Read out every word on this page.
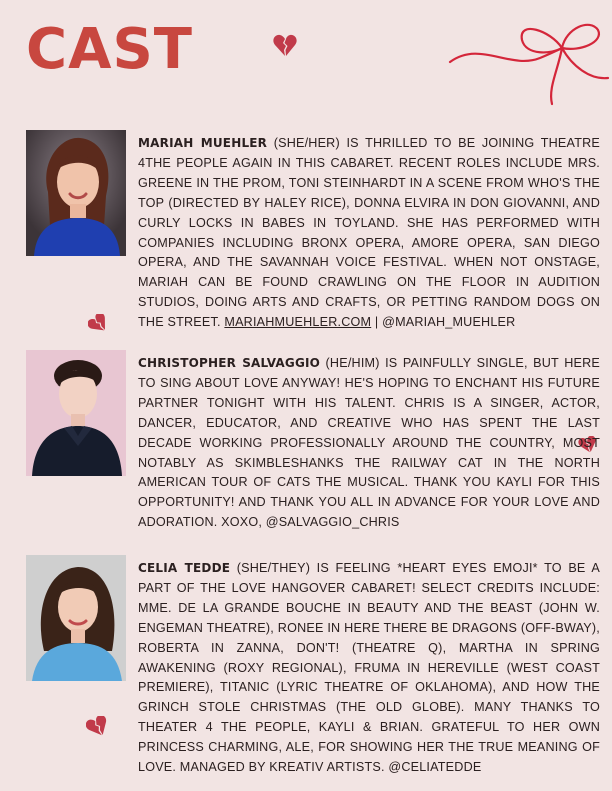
CAST

MARIAH MUEHLER (SHE/HER) IS THRILLED TO BE JOINING THEATRE 4THE PEOPLE AGAIN IN THIS CABARET. RECENT ROLES INCLUDE MRS. GREENE IN THE PROM, TONI STEINHARDT IN A SCENE FROM WHO'S THE TOP (DIRECTED BY HALEY RICE), DONNA ELVIRA IN DON GIOVANNI, AND CURLY LOCKS IN BABES IN TOYLAND. SHE HAS PERFORMED WITH COMPANIES INCLUDING BRONX OPERA, AMORE OPERA, SAN DIEGO OPERA, AND THE SAVANNAH VOICE FESTIVAL. WHEN NOT ONSTAGE, MARIAH CAN BE FOUND CRAWLING ON THE FLOOR IN AUDITION STUDIOS, DOING ARTS AND CRAFTS, OR PETTING RANDOM DOGS ON THE STREET. MARIAHMUEHLER.COM | @MARIAH_MUEHLER

CHRISTOPHER SALVAGGIO (HE/HIM) IS PAINFULLY SINGLE, BUT HERE TO SING ABOUT LOVE ANYWAY! HE'S HOPING TO ENCHANT HIS FUTURE PARTNER TONIGHT WITH HIS TALENT. CHRIS IS A SINGER, ACTOR, DANCER, EDUCATOR, AND CREATIVE WHO HAS SPENT THE LAST DECADE WORKING PROFESSIONALLY AROUND THE COUNTRY, MOST NOTABLY AS SKIMBLESHANKS THE RAILWAY CAT IN THE NORTH AMERICAN TOUR OF CATS THE MUSICAL. THANK YOU KAYLI FOR THIS OPPORTUNITY! AND THANK YOU ALL IN ADVANCE FOR YOUR LOVE AND ADORATION. XOXO, @SALVAGGIO_CHRIS

CELIA TEDDE (SHE/THEY) IS FEELING *HEART EYES EMOJI* TO BE A PART OF THE LOVE HANGOVER CABARET! SELECT CREDITS INCLUDE: MME. DE LA GRANDE BOUCHE IN BEAUTY AND THE BEAST (JOHN W. ENGEMAN THEATRE), RONEE IN HERE THERE BE DRAGONS (OFF-BWAY), ROBERTA IN ZANNA, DON'T! (THEATRE Q), MARTHA IN SPRING AWAKENING (ROXY REGIONAL), FRUMA IN HEREVILLE (WEST COAST PREMIERE), TITANIC (LYRIC THEATRE OF OKLAHOMA), AND HOW THE GRINCH STOLE CHRISTMAS (THE OLD GLOBE). MANY THANKS TO THEATER 4 THE PEOPLE, KAYLI & BRIAN. GRATEFUL TO HER OWN PRINCESS CHARMING, ALE, FOR SHOWING HER THE TRUE MEANING OF LOVE. MANAGED BY KREATIV ARTISTS. @CELIATEDDE
